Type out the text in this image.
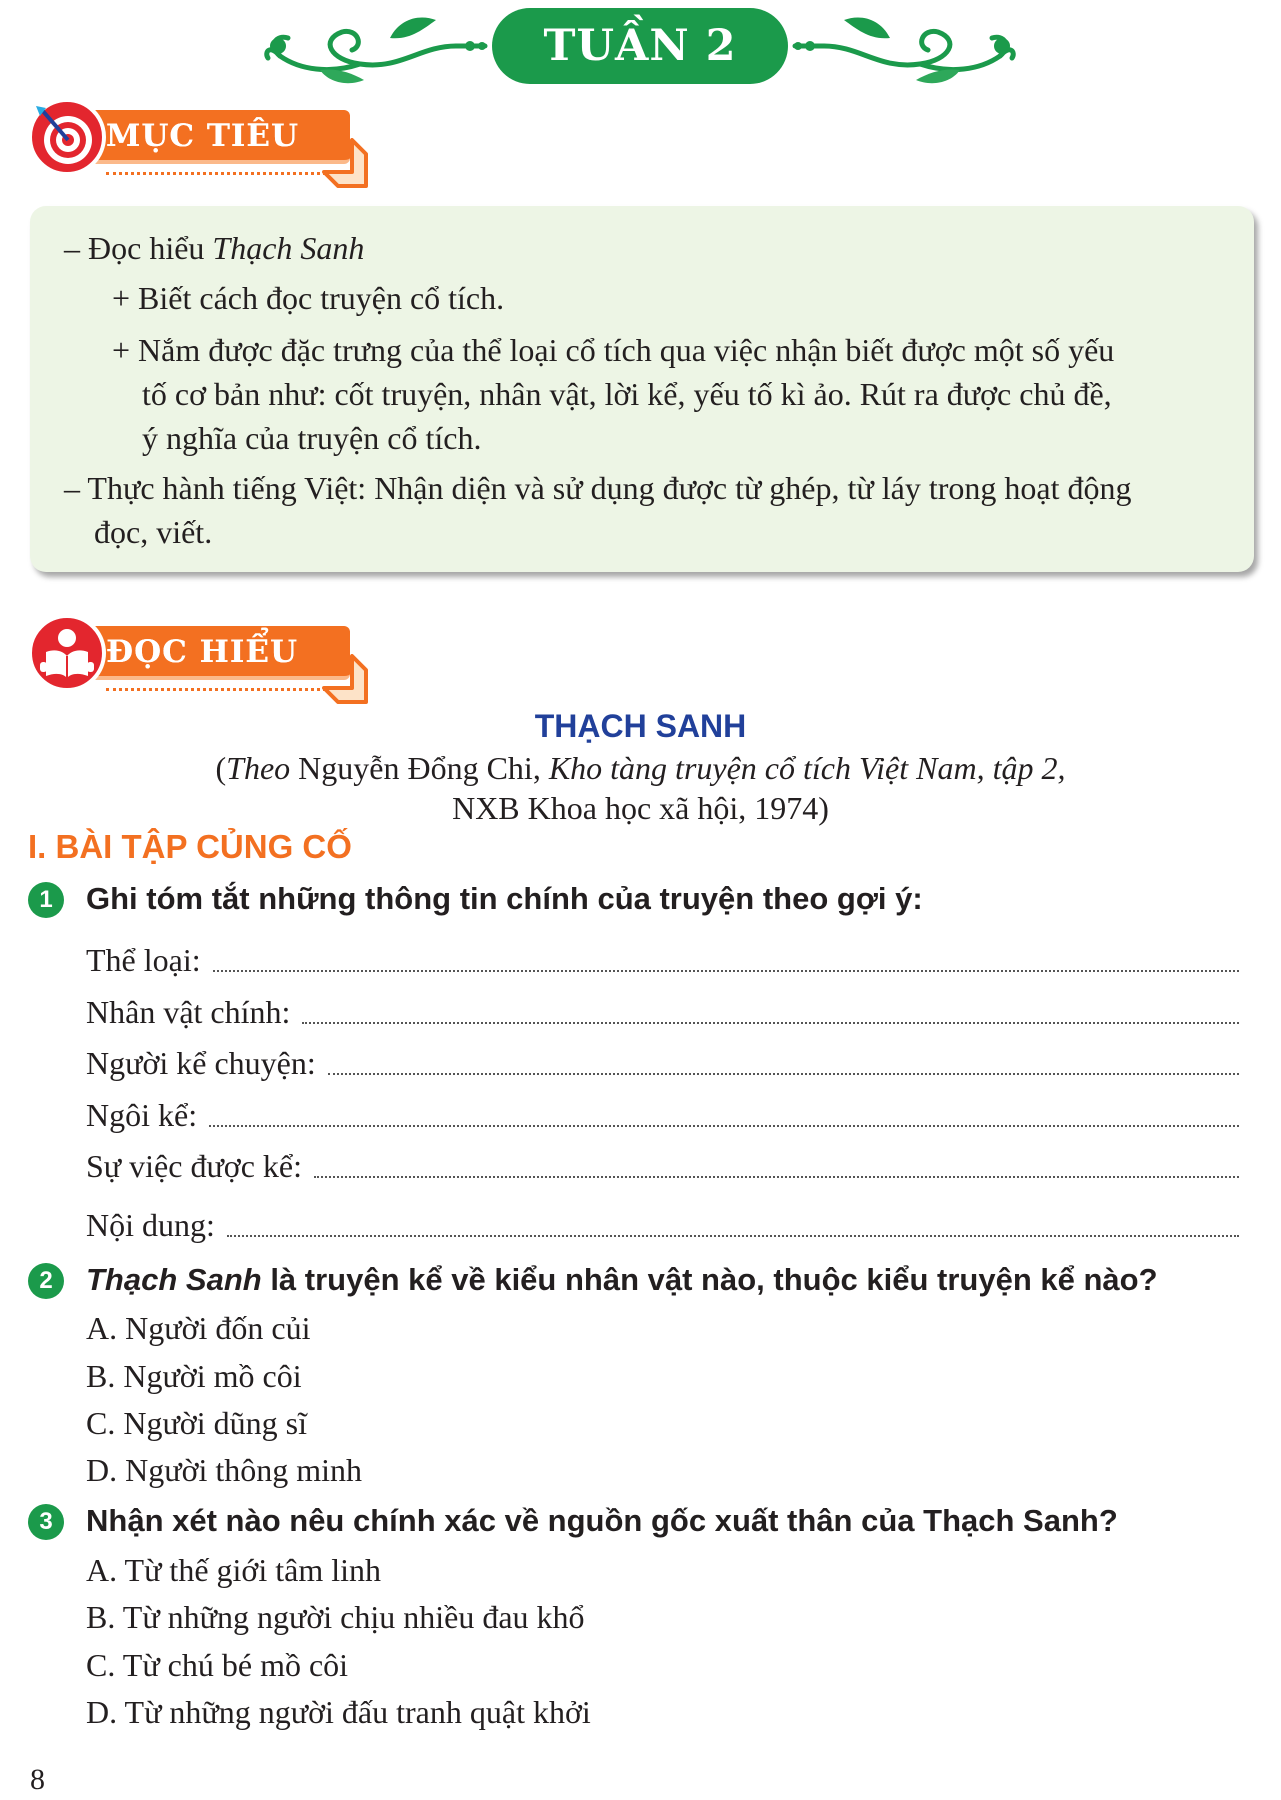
TUẦN 2
MỤC TIÊU
– Đọc hiểu Thạch Sanh
+ Biết cách đọc truyện cổ tích.
+ Nắm được đặc trưng của thể loại cổ tích qua việc nhận biết được một số yếu
tố cơ bản như: cốt truyện, nhân vật, lời kể, yếu tố kì ảo. Rút ra được chủ đề,
ý nghĩa của truyện cổ tích.
– Thực hành tiếng Việt: Nhận diện và sử dụng được từ ghép, từ láy trong hoạt động
đọc, viết.
ĐỌC HIỂU
THẠCH SANH
(Theo Nguyễn Đổng Chi, Kho tàng truyện cổ tích Việt Nam, tập 2,
NXB Khoa học xã hội, 1974)
I. BÀI TẬP CỦNG CỐ
1	Ghi tóm tắt những thông tin chính của truyện theo gợi ý:
Thể loại:
Nhân vật chính:
Người kể chuyện:
Ngôi kể:
Sự việc được kể:
Nội dung:
2	Thạch Sanh là truyện kể về kiểu nhân vật nào, thuộc kiểu truyện kể nào?
A. Người đốn củi
B. Người mồ côi
C. Người dũng sĩ
D. Người thông minh
3	Nhận xét nào nêu chính xác về nguồn gốc xuất thân của Thạch Sanh?
A. Từ thế giới tâm linh
B. Từ những người chịu nhiều đau khổ
C. Từ chú bé mồ côi
D. Từ những người đấu tranh quật khởi
8
